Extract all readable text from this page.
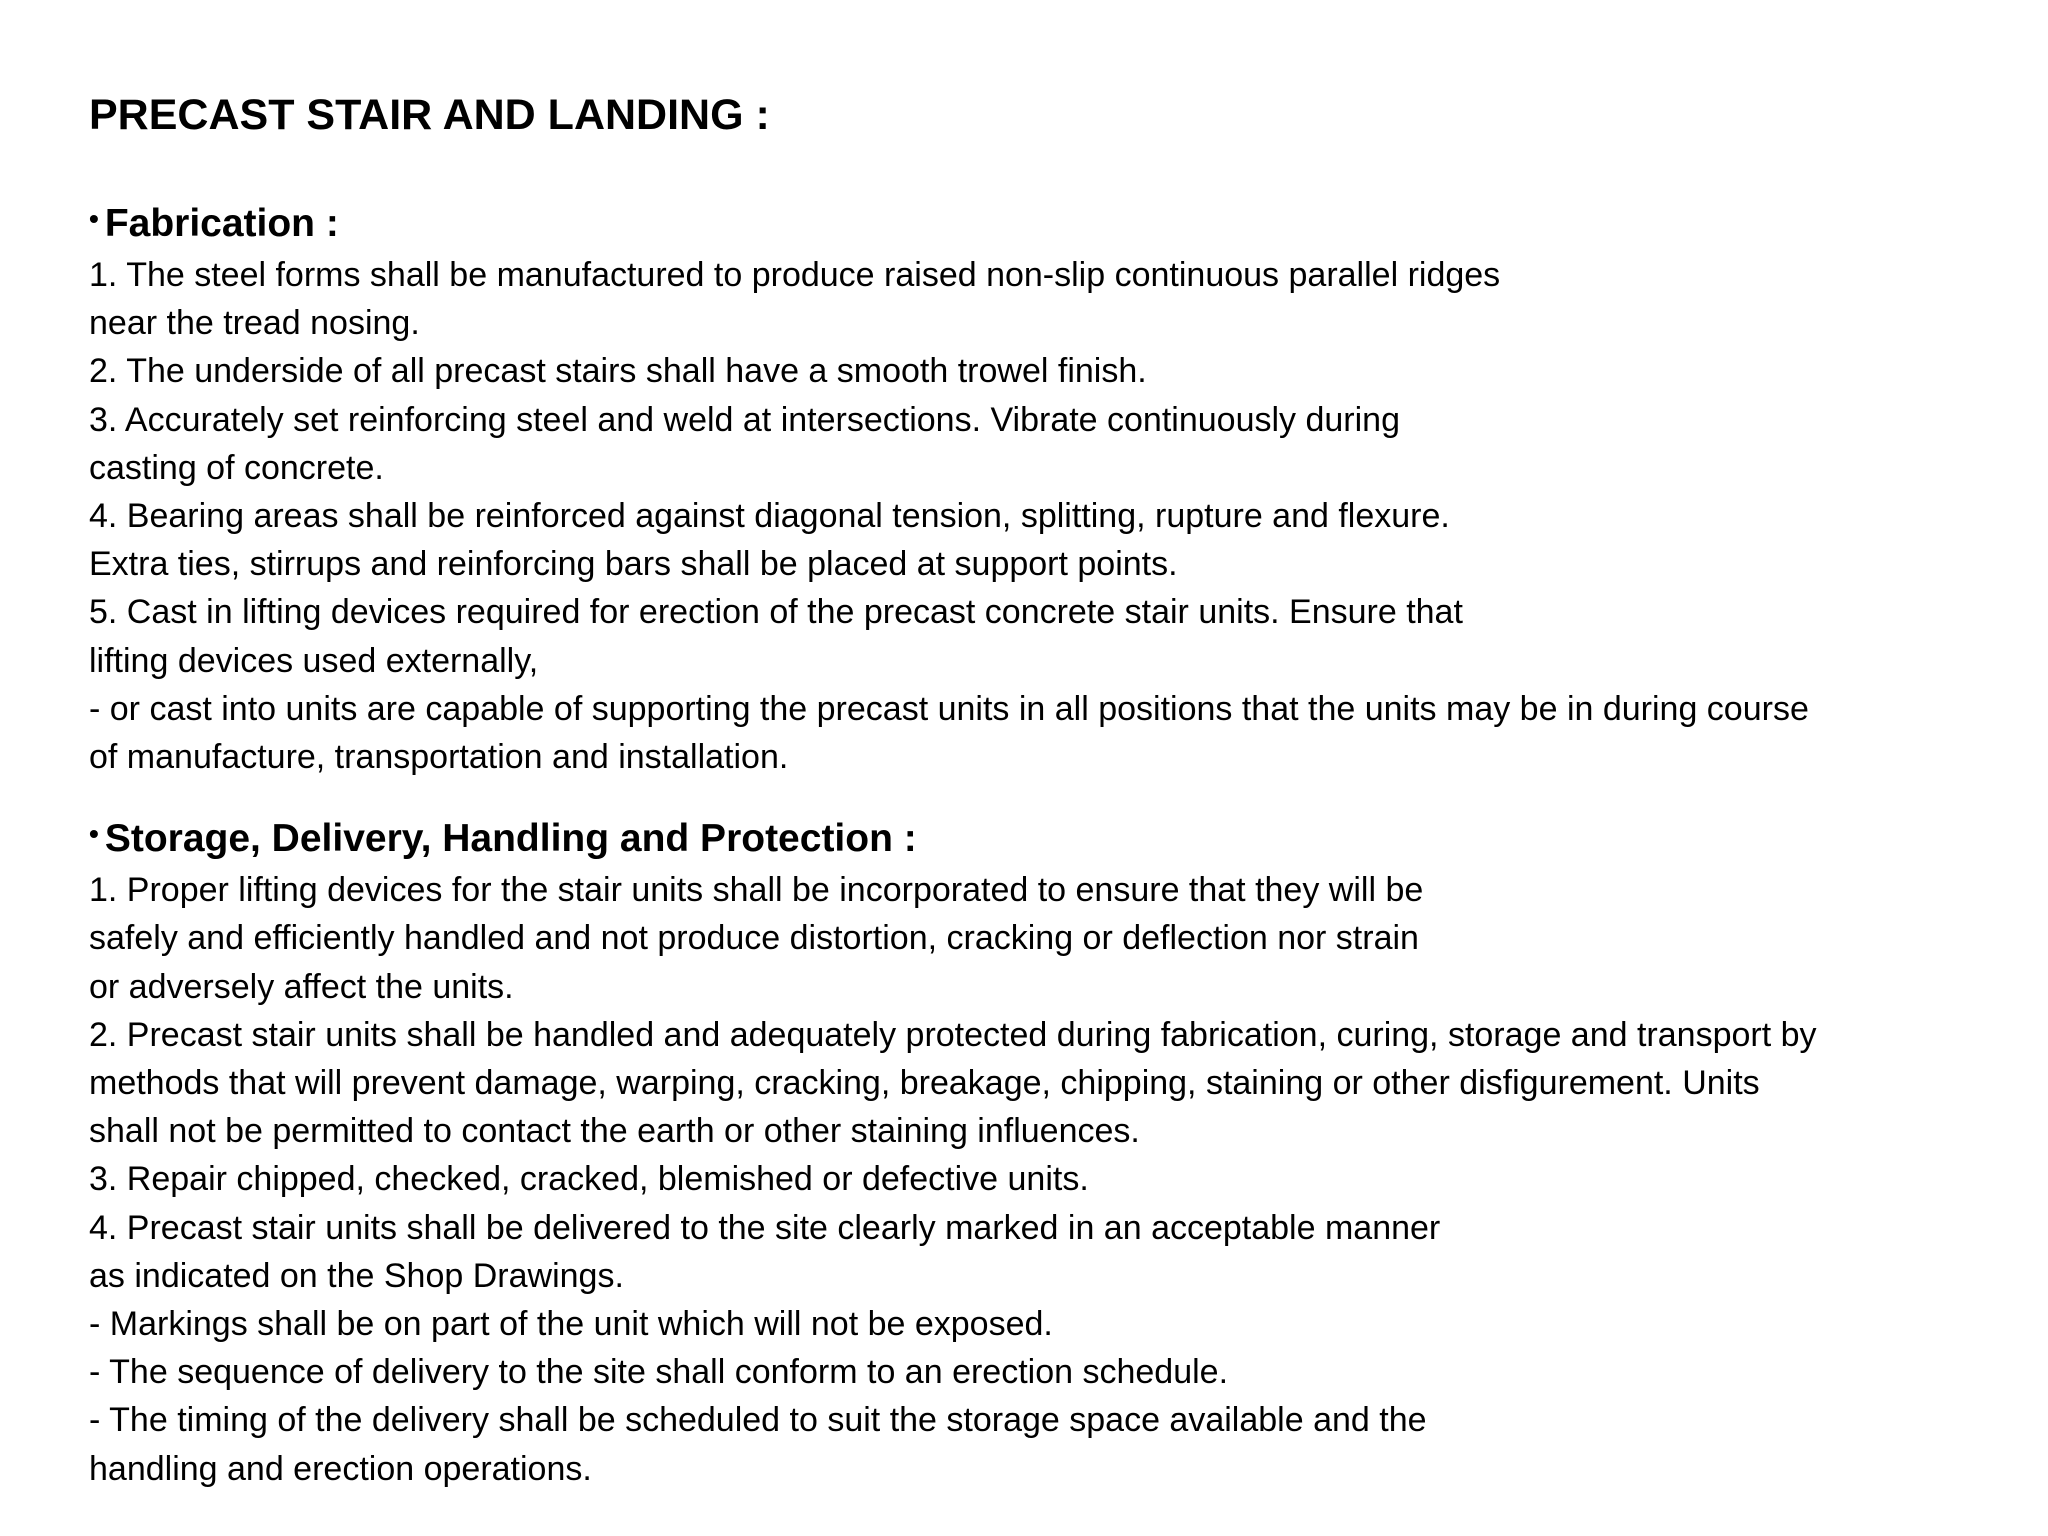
PRECAST STAIR AND LANDING :
• Fabrication :
1. The steel forms shall be manufactured to produce raised non-slip continuous parallel ridges
near the tread nosing.
2. The underside of all precast stairs shall have a smooth trowel finish.
3. Accurately set reinforcing steel and weld at intersections. Vibrate continuously during
casting of concrete.
4. Bearing areas shall be reinforced against diagonal tension, splitting, rupture and flexure.
Extra ties, stirrups and reinforcing bars shall be placed at support points.
5. Cast in lifting devices required for erection of the precast concrete stair units. Ensure that
lifting devices used externally,
- or cast into units are capable of supporting the precast units in all positions that the units may be in during course
of manufacture, transportation and installation.
• Storage, Delivery, Handling and Protection :
1. Proper lifting devices for the stair units shall be incorporated to ensure that they will be
safely and efficiently handled and not produce distortion, cracking or deflection nor strain
or adversely affect the units.
2. Precast stair units shall be handled and adequately protected during fabrication, curing, storage and transport by
methods that will prevent damage, warping, cracking, breakage, chipping, staining or other disfigurement. Units
shall not be permitted to contact the earth or other staining influences.
3. Repair chipped, checked, cracked, blemished or defective units.
4. Precast stair units shall be delivered to the site clearly marked in an acceptable manner
as indicated on the Shop Drawings.
- Markings shall be on part of the unit which will not be exposed.
- The sequence of delivery to the site shall conform to an erection schedule.
- The timing of the delivery shall be scheduled to suit the storage space available and the
handling and erection operations.
